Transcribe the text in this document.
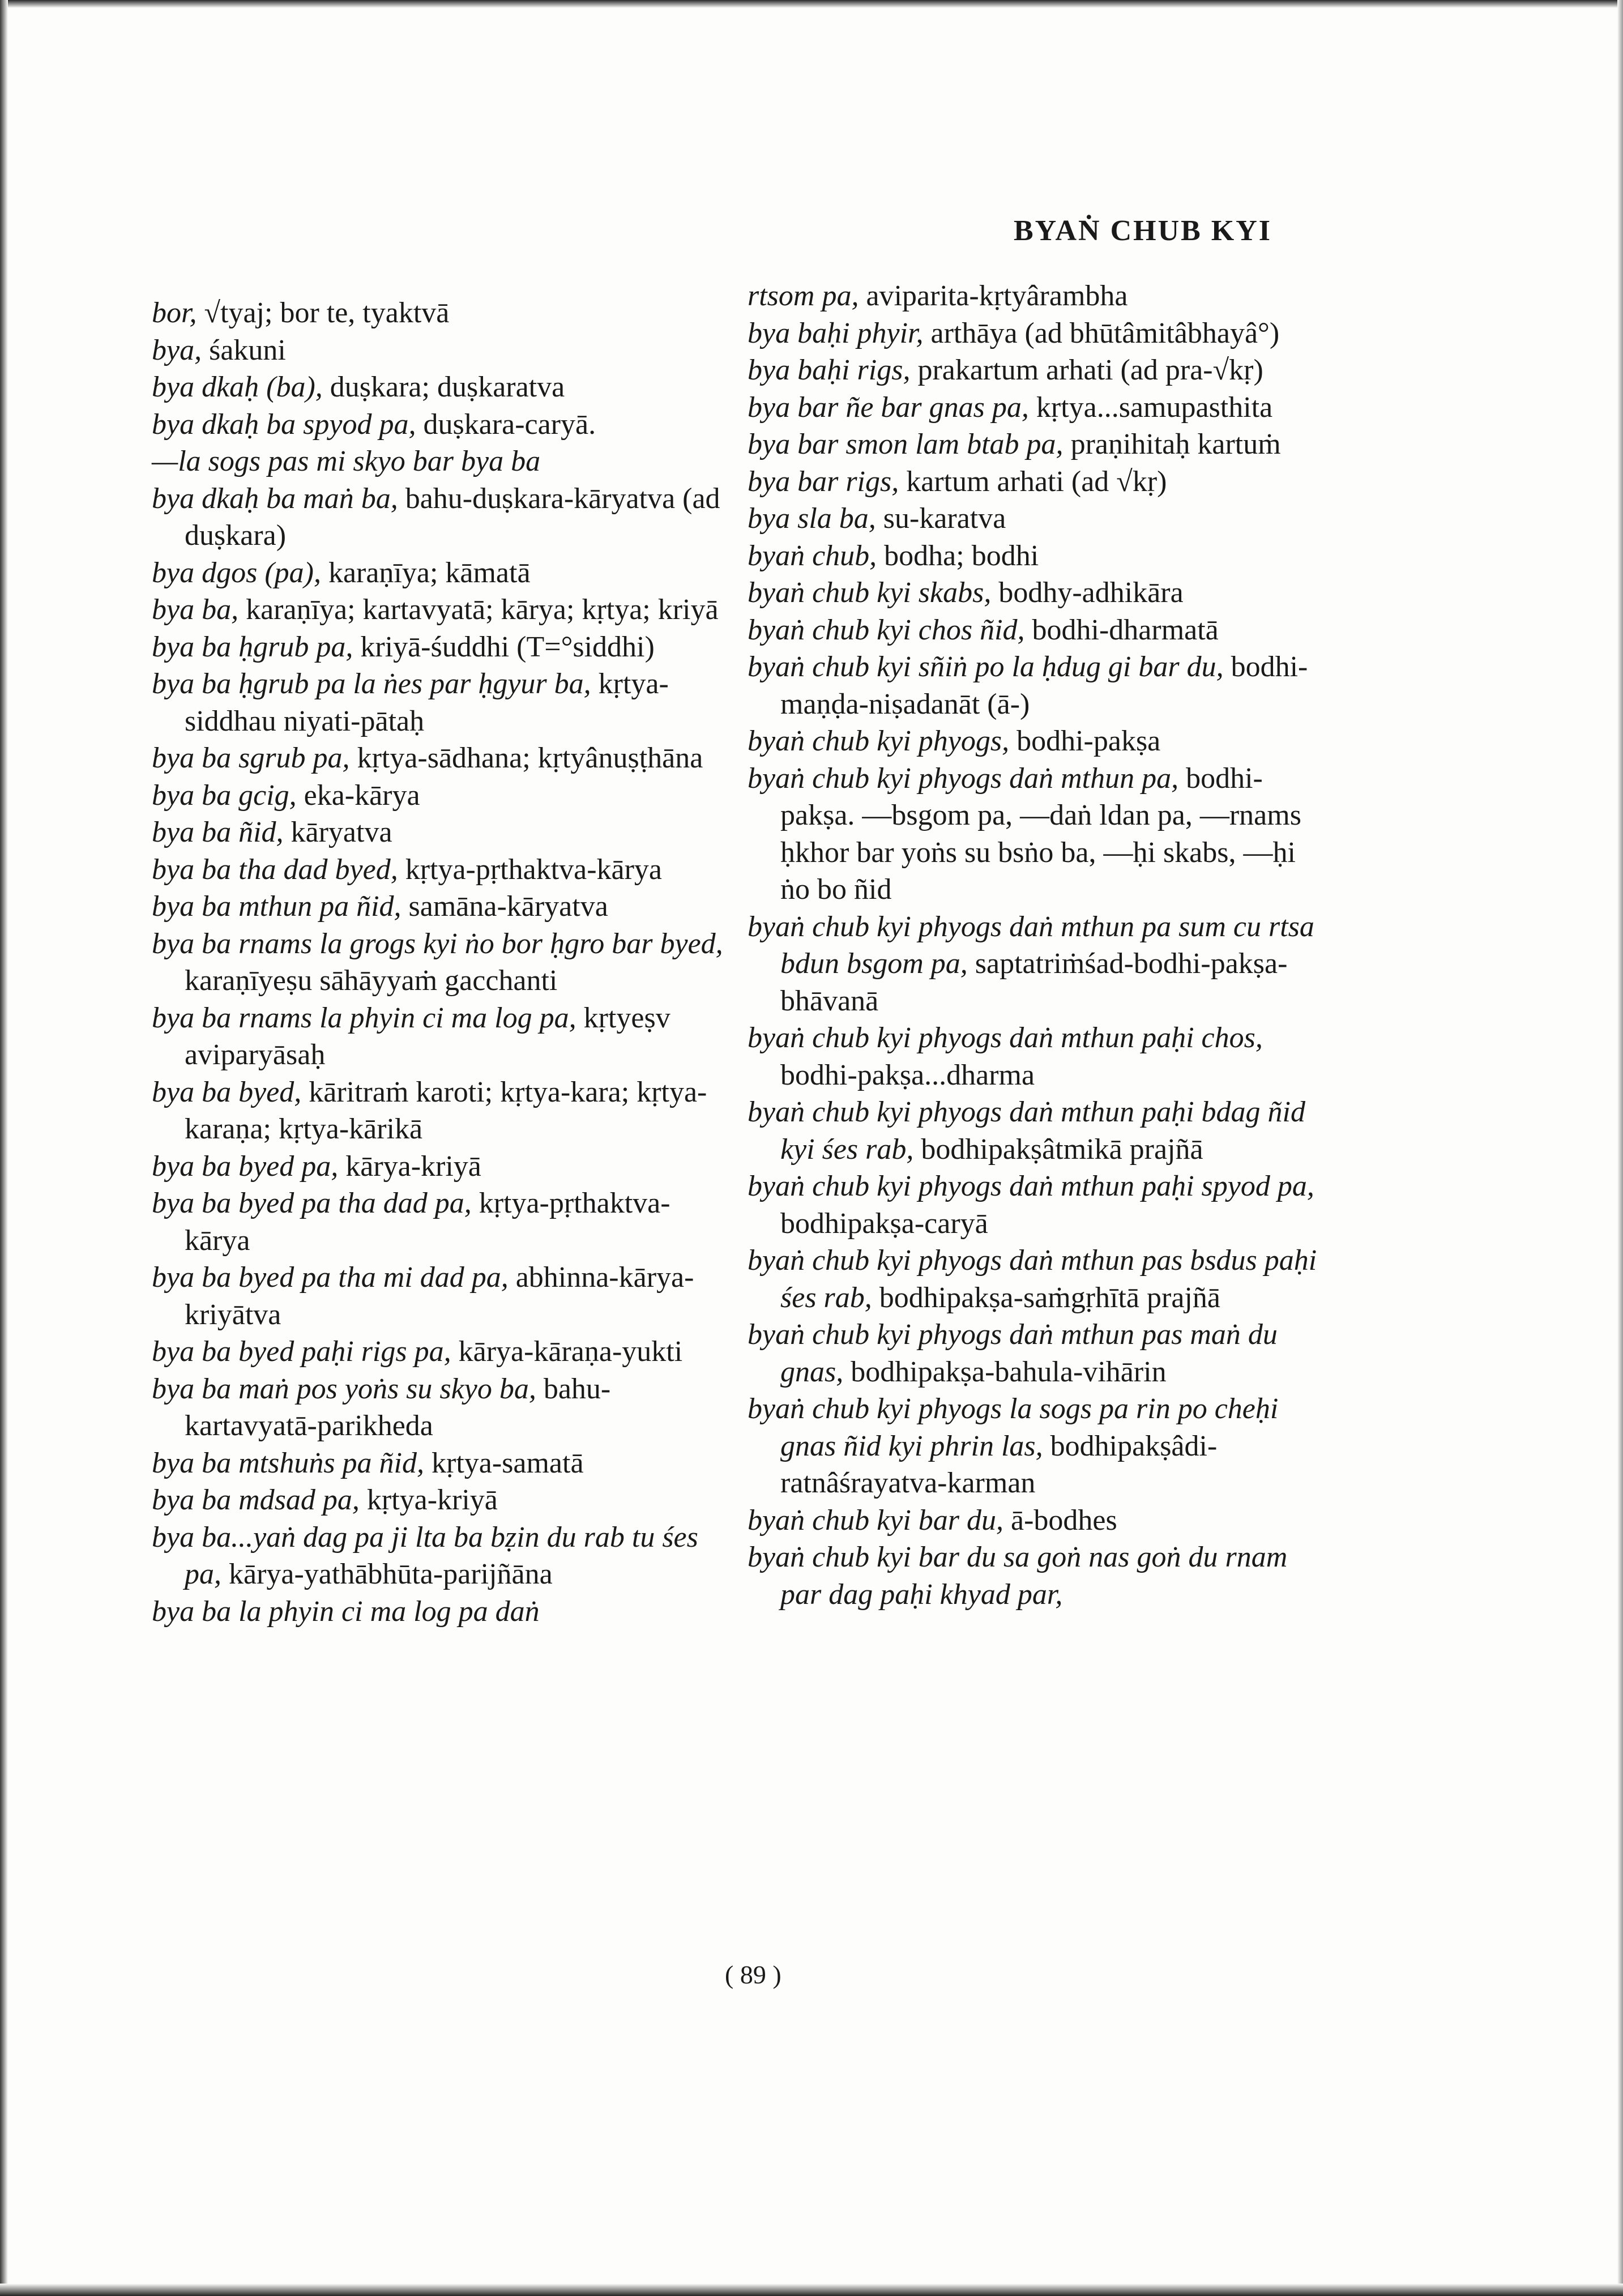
BYAṄ CHUB KYI
bor, √tyaj; bor te, tyaktvā
bya, śakuni
bya dkaḥ (ba), duṣkara; duṣkaratva
bya dkaḥ ba spyod pa, duṣkara-caryā.
—la sogs pas mi skyo bar bya ba
bya dkaḥ ba maṅ ba, bahu-duṣkara-kāryatva (ad duṣkara)
bya dgos (pa), karaṇīya; kāmatā
bya ba, karaṇīya; kartavyatā; kārya; kṛtya; kriyā
bya ba ḥgrub pa, kriyā-śuddhi (T=°siddhi)
bya ba ḥgrub pa la ṅes par ḥgyur ba, kṛtya-siddhau niyati-pātaḥ
bya ba sgrub pa, kṛtya-sādhana; kṛtyânuṣṭhāna
bya ba gcig, eka-kārya
bya ba ñid, kāryatva
bya ba tha dad byed, kṛtya-pṛthaktva-kārya
bya ba mthun pa ñid, samāna-kāryatva
bya ba rnams la grogs kyi ṅo bor ḥgro bar byed, karaṇīyeṣu sāhāyyaṁ gacchanti
bya ba rnams la phyin ci ma log pa, kṛtyeṣv aviparyāsaḥ
bya ba byed, kāritraṁ karoti; kṛtya-kara; kṛtya-karaṇa; kṛtya-kārikā
bya ba byed pa, kārya-kriyā
bya ba byed pa tha dad pa, kṛtya-pṛthaktva-kārya
bya ba byed pa tha mi dad pa, abhinna-kārya-kriyātva
bya ba byed paḥi rigs pa, kārya-kāraṇa-yukti
bya ba maṅ pos yoṅs su skyo ba, bahu-kartavyatā-parikheda
bya ba mtshuṅs pa ñid, kṛtya-samatā
bya ba mdsad pa, kṛtya-kriyā
bya ba...yaṅ dag pa ji lta ba bẓin du rab tu śes pa, kārya-yathābhūta-parijñāna
bya ba la phyin ci ma log pa daṅ
rtsom pa, aviparita-kṛtyârambha
bya baḥi phyir, arthāya (ad bhūtâmitâbhayâ°)
bya baḥi rigs, prakartum arhati (ad pra-√kṛ)
bya bar ñe bar gnas pa, kṛtya...samupasthita
bya bar smon lam btab pa, praṇihitaḥ kartuṁ
bya bar rigs, kartum arhati (ad √kṛ)
bya sla ba, su-karatva
byaṅ chub, bodha; bodhi
byaṅ chub kyi skabs, bodhy-adhikāra
byaṅ chub kyi chos ñid, bodhi-dharmatā
byaṅ chub kyi sñiṅ po la ḥdug gi bar du, bodhi-maṇḍa-niṣadanāt (ā-)
byaṅ chub kyi phyogs, bodhi-pakṣa
byaṅ chub kyi phyogs daṅ mthun pa, bodhi-pakṣa. —bsgom pa, —daṅ ldan pa, —rnams ḥkhor bar yoṅs su bsṅo ba, —ḥi skabs, —ḥi ṅo bo ñid
byaṅ chub kyi phyogs daṅ mthun pa sum cu rtsa bdun bsgom pa, saptatriṁśad-bodhi-pakṣa-bhāvanā
byaṅ chub kyi phyogs daṅ mthun paḥi chos, bodhi-pakṣa...dharma
byaṅ chub kyi phyogs daṅ mthun paḥi bdag ñid kyi śes rab, bodhipakṣâtmikā prajñā
byaṅ chub kyi phyogs daṅ mthun paḥi spyod pa, bodhipakṣa-caryā
byaṅ chub kyi phyogs daṅ mthun pas bsdus paḥi śes rab, bodhipakṣa-saṁgṛhītā prajñā
byaṅ chub kyi phyogs daṅ mthun pas maṅ du gnas, bodhipakṣa-bahula-vihārin
byaṅ chub kyi phyogs la sogs pa rin po cheḥi gnas ñid kyi phrin las, bodhipakṣâdi-ratnâśrayatva-karman
byaṅ chub kyi bar du, ā-bodhes
byaṅ chub kyi bar du sa goṅ nas goṅ du rnam par dag paḥi khyad par,
( 89 )
